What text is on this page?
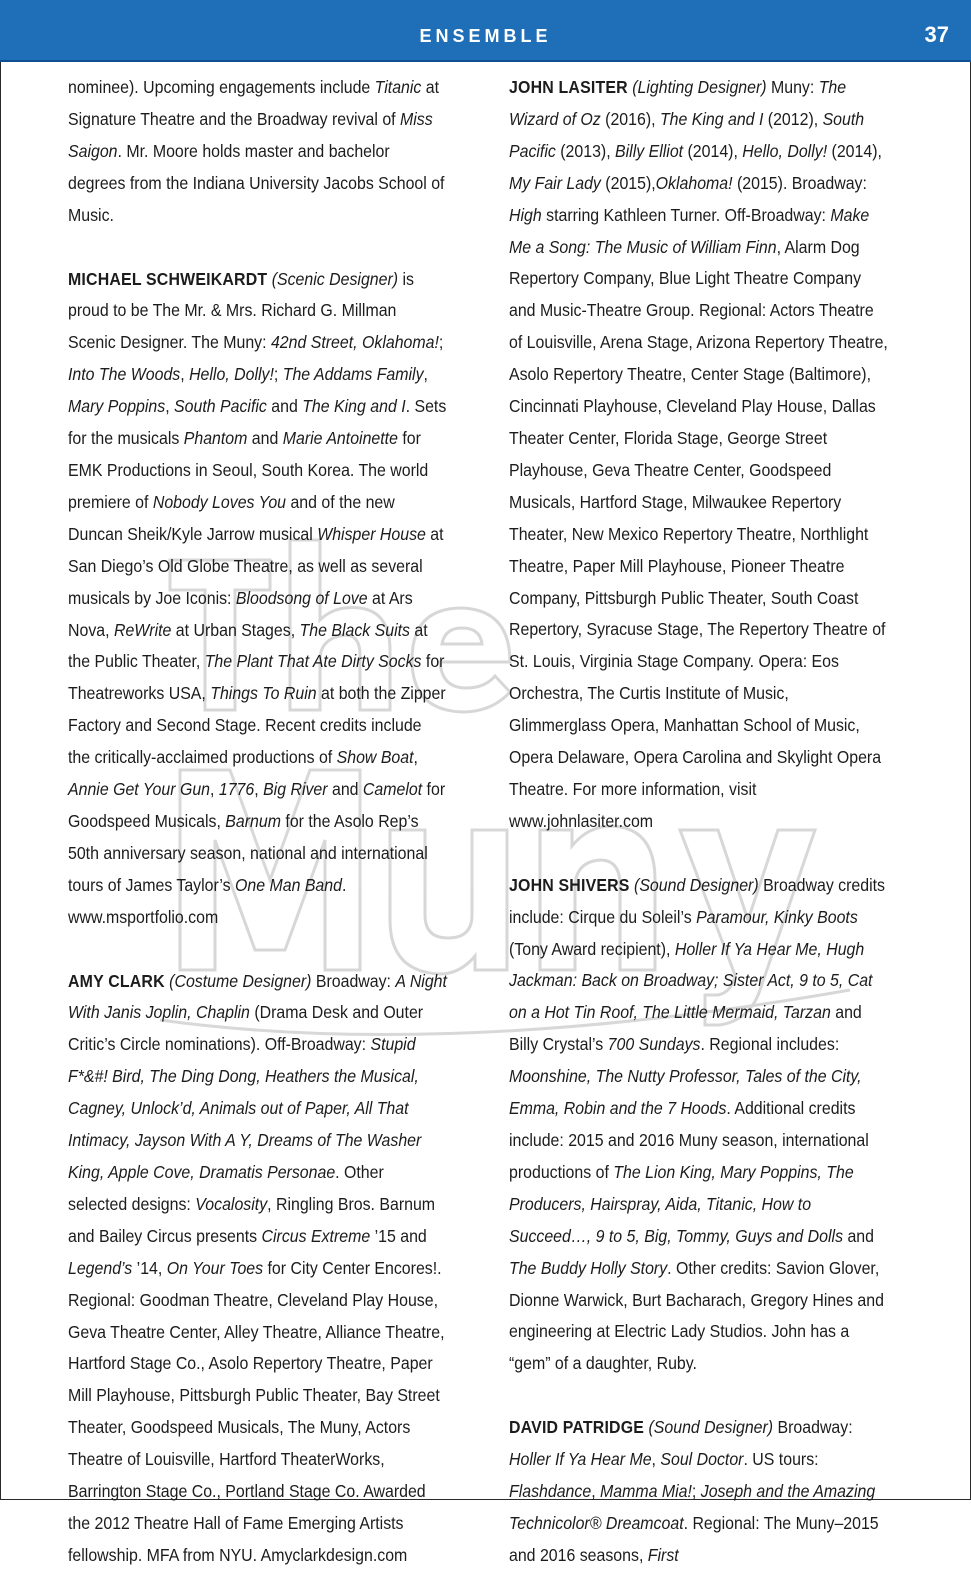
ENSEMBLE	37

nominee). Upcoming engagements include Titanic at Signature Theatre and the Broadway revival of Miss Saigon. Mr. Moore holds master and bachelor degrees from the Indiana University Jacobs School of Music.

MICHAEL SCHWEIKARDT (Scenic Designer) is proud to be The Mr. & Mrs. Richard G. Millman Scenic Designer. The Muny: 42nd Street, Oklahoma!; Into The Woods, Hello, Dolly!; The Addams Family, Mary Poppins, South Pacific and The King and I. Sets for the musicals Phantom and Marie Antoinette for EMK Productions in Seoul, South Korea. The world premiere of Nobody Loves You and of the new Duncan Sheik/Kyle Jarrow musical Whisper House at San Diego’s Old Globe Theatre, as well as several musicals by Joe Iconis: Bloodsong of Love at Ars Nova, ReWrite at Urban Stages, The Black Suits at the Public Theater, The Plant That Ate Dirty Socks for Theatreworks USA, Things To Ruin at both the Zipper Factory and Second Stage. Recent credits include the critically-acclaimed productions of Show Boat, Annie Get Your Gun, 1776, Big River and Camelot for Goodspeed Musicals, Barnum for the Asolo Rep’s 50th anniversary season, national and international tours of James Taylor’s One Man Band. www.msportfolio.com

AMY CLARK (Costume Designer) Broadway: A Night With Janis Joplin, Chaplin (Drama Desk and Outer Critic’s Circle nominations). Off-Broadway: Stupid F*&#! Bird, The Ding Dong, Heathers the Musical, Cagney, Unlock’d, Animals out of Paper, All That Intimacy, Jayson With A Y, Dreams of The Washer King, Apple Cove, Dramatis Personae. Other selected designs: Vocalosity, Ringling Bros. Barnum and Bailey Circus presents Circus Extreme ’15 and Legend’s ’14, On Your Toes for City Center Encores!. Regional: Goodman Theatre, Cleveland Play House, Geva Theatre Center, Alley Theatre, Alliance Theatre, Hartford Stage Co., Asolo Repertory Theatre, Paper Mill Playhouse, Pittsburgh Public Theater, Bay Street Theater, Goodspeed Musicals, The Muny, Actors Theatre of Louisville, Hartford TheaterWorks, Barrington Stage Co., Portland Stage Co. Awarded the 2012 Theatre Hall of Fame Emerging Artists fellowship. MFA from NYU. Amyclarkdesign.com

JOHN LASITER (Lighting Designer) Muny: The Wizard of Oz (2016), The King and I (2012), South Pacific (2013), Billy Elliot (2014), Hello, Dolly! (2014), My Fair Lady (2015),Oklahoma! (2015). Broadway: High starring Kathleen Turner. Off-Broadway: Make Me a Song: The Music of William Finn, Alarm Dog Repertory Company, Blue Light Theatre Company and Music-Theatre Group. Regional: Actors Theatre of Louisville, Arena Stage, Arizona Repertory Theatre, Asolo Repertory Theatre, Center Stage (Baltimore), Cincinnati Playhouse, Cleveland Play House, Dallas Theater Center, Florida Stage, George Street Playhouse, Geva Theatre Center, Goodspeed Musicals, Hartford Stage, Milwaukee Repertory Theater, New Mexico Repertory Theatre, Northlight Theatre, Paper Mill Playhouse, Pioneer Theatre Company, Pittsburgh Public Theater, South Coast Repertory, Syracuse Stage, The Repertory Theatre of St. Louis, Virginia Stage Company. Opera: Eos Orchestra, The Curtis Institute of Music, Glimmerglass Opera, Manhattan School of Music, Opera Delaware, Opera Carolina and Skylight Opera Theatre. For more information, visit www.johnlasiter.com

JOHN SHIVERS (Sound Designer) Broadway credits include: Cirque du Soleil’s Paramour, Kinky Boots (Tony Award recipient), Holler If Ya Hear Me, Hugh Jackman: Back on Broadway; Sister Act, 9 to 5, Cat on a Hot Tin Roof, The Little Mermaid, Tarzan and Billy Crystal’s 700 Sundays. Regional includes: Moonshine, The Nutty Professor, Tales of the City, Emma, Robin and the 7 Hoods. Additional credits include: 2015 and 2016 Muny season, international productions of The Lion King, Mary Poppins, The Producers, Hairspray, Aida, Titanic, How to Succeed…, 9 to 5, Big, Tommy, Guys and Dolls and The Buddy Holly Story. Other credits: Savion Glover, Dionne Warwick, Burt Bacharach, Gregory Hines and engineering at Electric Lady Studios. John has a “gem” of a daughter, Ruby.

DAVID PATRIDGE (Sound Designer) Broadway: Holler If Ya Hear Me, Soul Doctor. US tours: Flashdance, Mamma Mia!; Joseph and the Amazing Technicolor® Dreamcoat. Regional: The Muny–2015 and 2016 seasons, First
